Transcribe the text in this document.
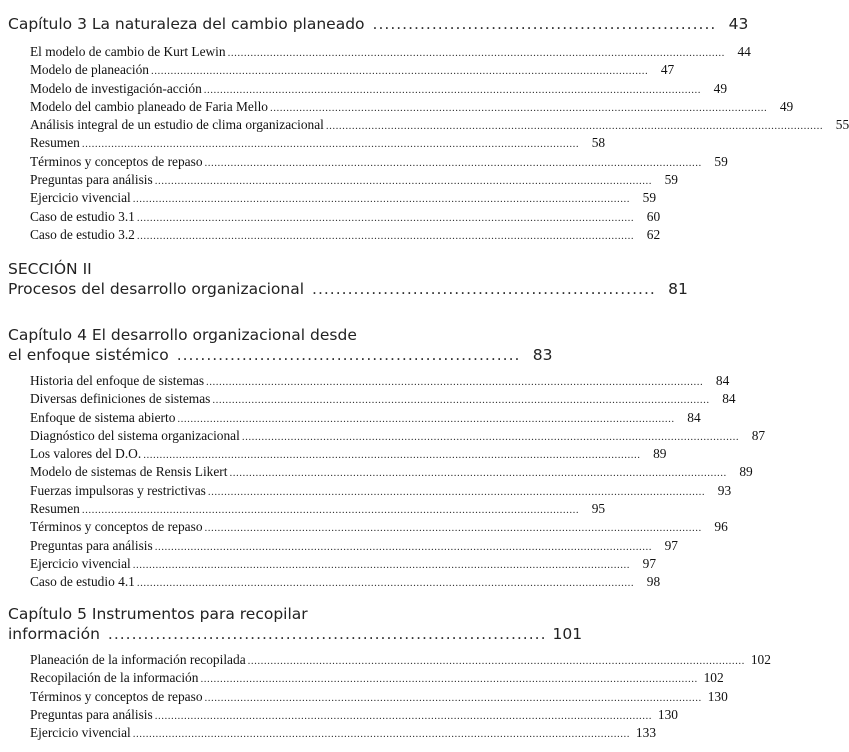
Capítulo 3 La naturaleza del cambio planeado .......................................................... 43
El modelo de cambio de Kurt Lewin ......................................................................................................................................................... 44
Modelo de planeación ......................................................................................................................................................... 47
Modelo de investigación-acción ......................................................................................................................................................... 49
Modelo del cambio planeado de Faria Mello ......................................................................................................................................................... 49
Análisis integral de un estudio de clima organizacional ......................................................................................................................................................... 55
Resumen ......................................................................................................................................................... 58
Términos y conceptos de repaso ......................................................................................................................................................... 59
Preguntas para análisis ......................................................................................................................................................... 59
Ejercicio vivencial ......................................................................................................................................................... 59
Caso de estudio 3.1 ......................................................................................................................................................... 60
Caso de estudio 3.2 ......................................................................................................................................................... 62
SECCIÓN II
Procesos del desarrollo organizacional .......................................................... 81
Capítulo 4 El desarrollo organizacional desde
el enfoque sistémico .......................................................... 83
Historia del enfoque de sistemas ......................................................................................................................................................... 84
Diversas definiciones de sistemas ......................................................................................................................................................... 84
Enfoque de sistema abierto ......................................................................................................................................................... 84
Diagnóstico del sistema organizacional ......................................................................................................................................................... 87
Los valores del D.O. ......................................................................................................................................................... 89
Modelo de sistemas de Rensis Likert ......................................................................................................................................................... 89
Fuerzas impulsoras y restrictivas ......................................................................................................................................................... 93
Resumen ......................................................................................................................................................... 95
Términos y conceptos de repaso ......................................................................................................................................................... 96
Preguntas para análisis ......................................................................................................................................................... 97
Ejercicio vivencial ......................................................................................................................................................... 97
Caso de estudio 4.1 ......................................................................................................................................................... 98
Capítulo 5 Instrumentos para recopilar
información .......................................................................... 101
Planeación de la información recopilada ......................................................................................................................................................... 102
Recopilación de la información ......................................................................................................................................................... 102
Términos y conceptos de repaso ......................................................................................................................................................... 130
Preguntas para análisis ......................................................................................................................................................... 130
Ejercicio vivencial ......................................................................................................................................................... 133
